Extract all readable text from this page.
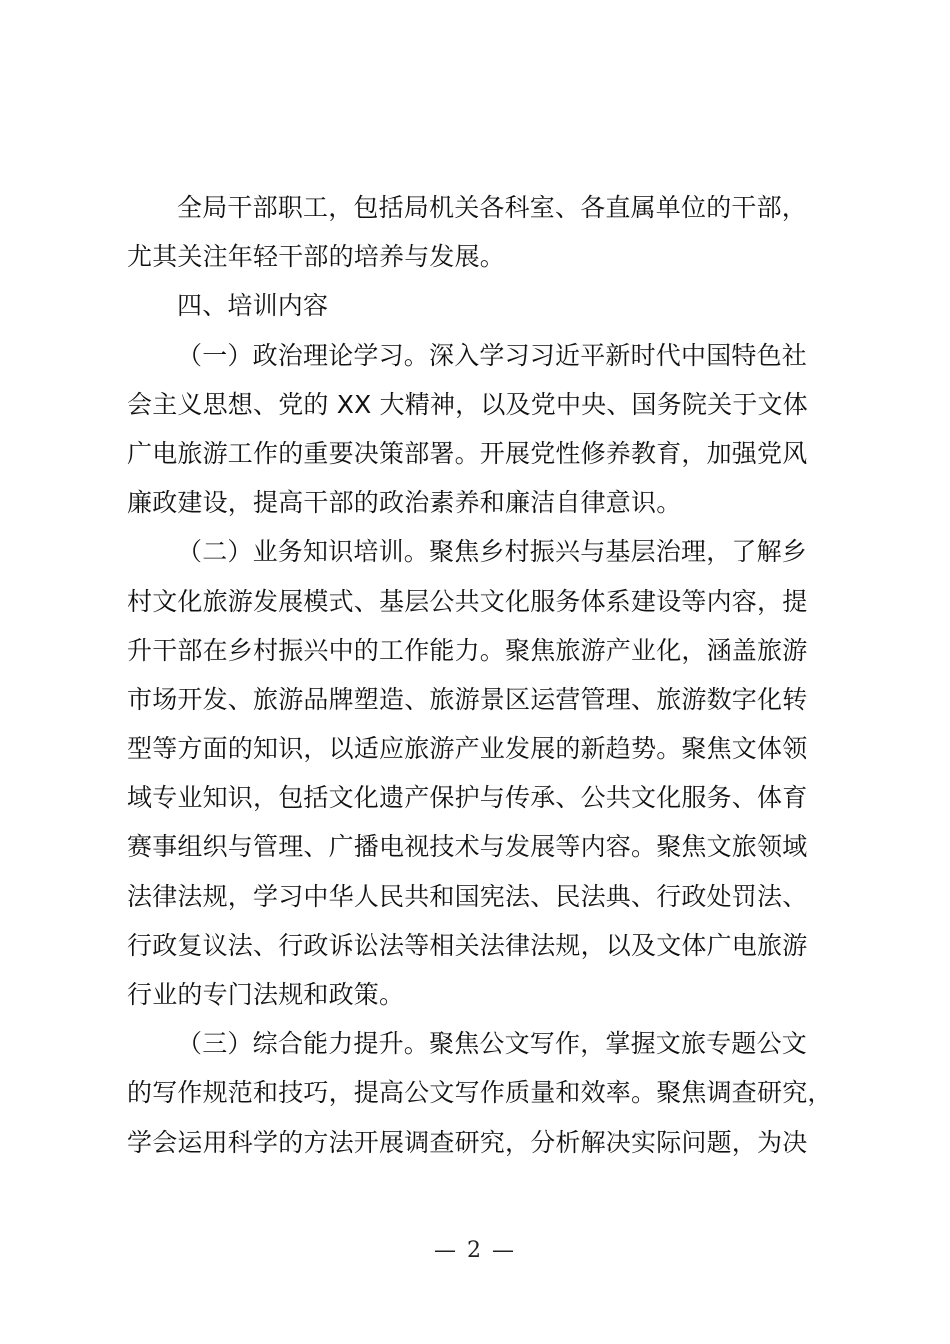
全局干部职工，包括局机关各科室、各直属单位的干部，
尤其关注年轻干部的培养与发展。
四、培训内容
（一）政治理论学习。深入学习习近平新时代中国特色社
会主义思想、党的 XX 大精神，以及党中央、国务院关于文体
广电旅游工作的重要决策部署。开展党性修养教育，加强党风
廉政建设，提高干部的政治素养和廉洁自律意识。
（二）业务知识培训。聚焦乡村振兴与基层治理，了解乡
村文化旅游发展模式、基层公共文化服务体系建设等内容，提
升干部在乡村振兴中的工作能力。聚焦旅游产业化，涵盖旅游
市场开发、旅游品牌塑造、旅游景区运营管理、旅游数字化转
型等方面的知识，以适应旅游产业发展的新趋势。聚焦文体领
域专业知识，包括文化遗产保护与传承、公共文化服务、体育
赛事组织与管理、广播电视技术与发展等内容。聚焦文旅领域
法律法规，学习中华人民共和国宪法、民法典、行政处罚法、
行政复议法、行政诉讼法等相关法律法规，以及文体广电旅游
行业的专门法规和政策。
（三）综合能力提升。聚焦公文写作，掌握文旅专题公文
的写作规范和技巧，提高公文写作质量和效率。聚焦调查研究，
学会运用科学的方法开展调查研究，分析解决实际问题，为决
— 2 —
